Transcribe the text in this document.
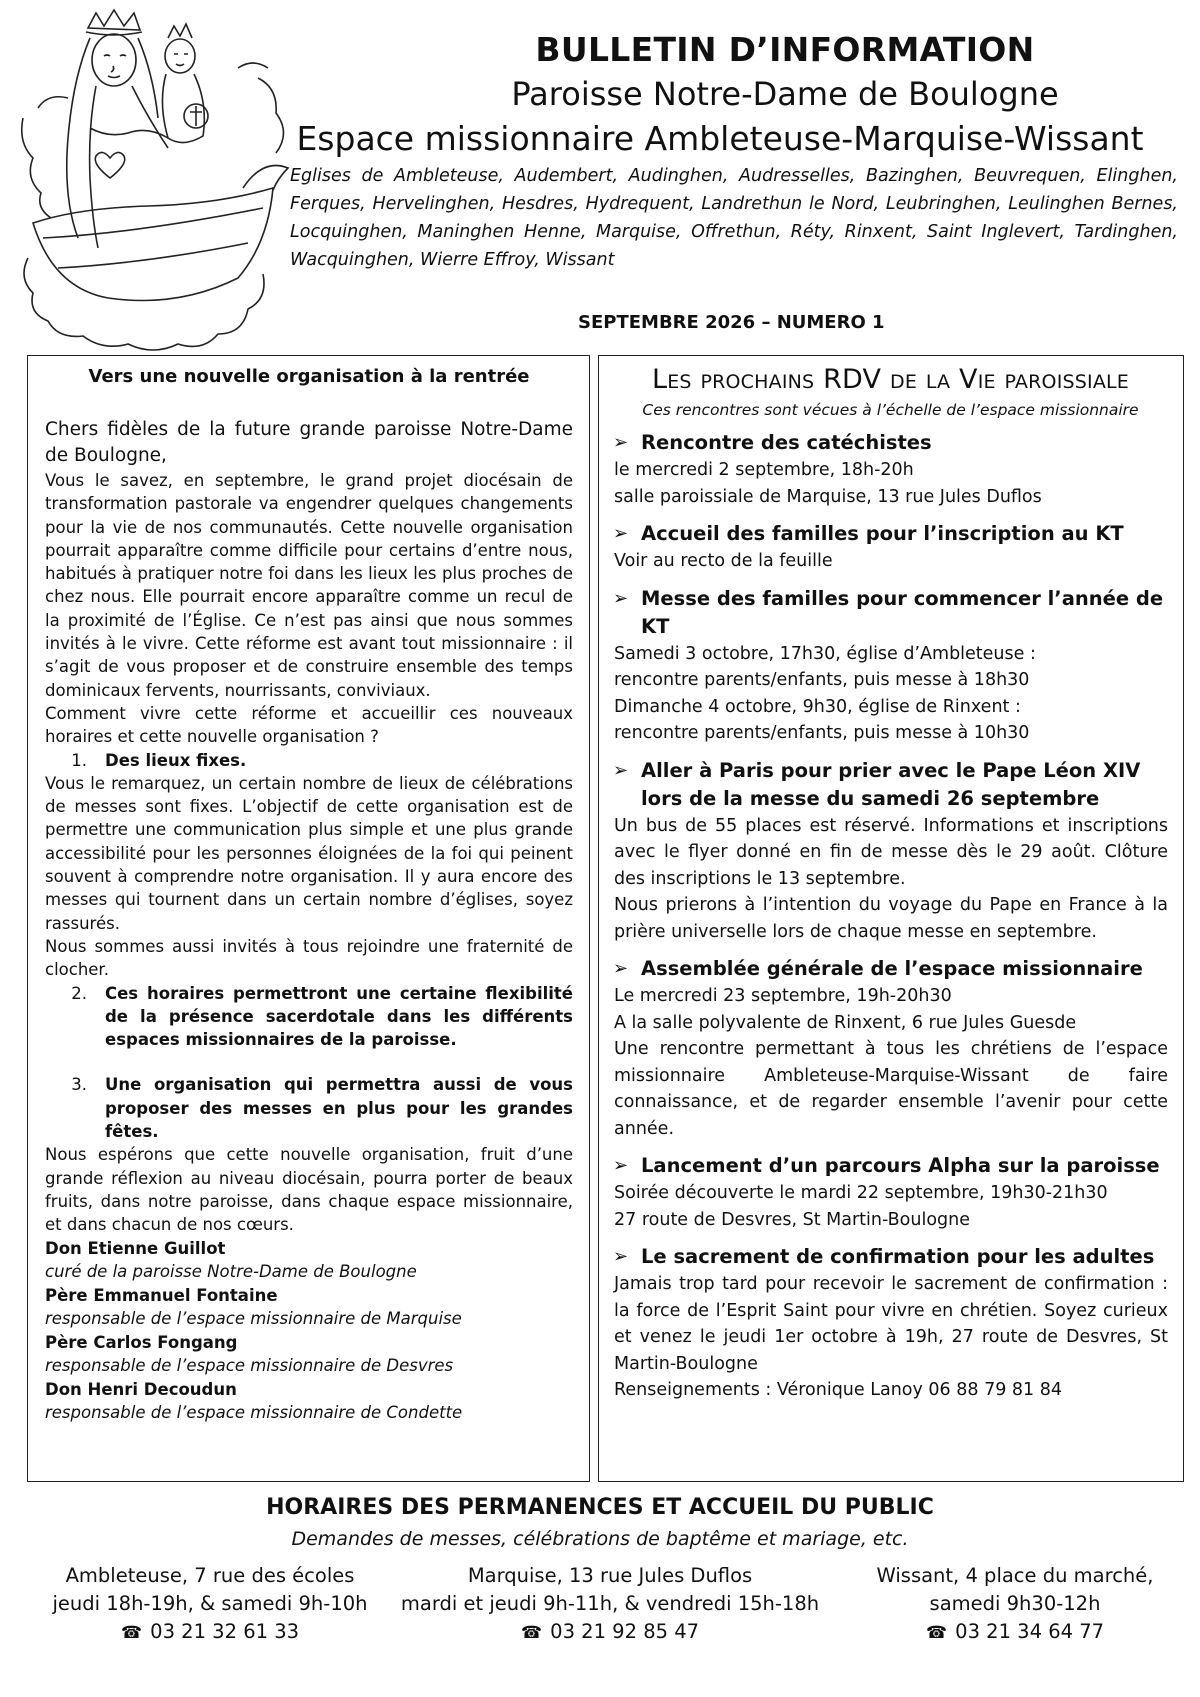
BULLETIN D’INFORMATION
Paroisse Notre-Dame de Boulogne
Espace missionnaire Ambleteuse-Marquise-Wissant
Eglises de Ambleteuse, Audembert, Audinghen, Audresselles, Bazinghen, Beuvrequen, Elinghen, Ferques, Hervelinghen, Hesdres, Hydrequent, Landrethun le Nord, Leubringhen, Leulinghen Bernes, Locquinghen, Maninghen Henne, Marquise, Offrethun, Réty, Rinxent, Saint Inglevert, Tardinghen, Wacquinghen, Wierre Effroy, Wissant
SEPTEMBRE 2026 – NUMERO 1
Vers une nouvelle organisation à la rentrée
Chers fidèles de la future grande paroisse Notre-Dame de Boulogne,

Vous le savez, en septembre, le grand projet diocésain de transformation pastorale va engendrer quelques changements pour la vie de nos communautés. Cette nouvelle organisation pourrait apparaître comme difficile pour certains d’entre nous, habitués à pratiquer notre foi dans les lieux les plus proches de chez nous. Elle pourrait encore apparaître comme un recul de la proximité de l’Église. Ce n’est pas ainsi que nous sommes invités à le vivre. Cette réforme est avant tout missionnaire : il s’agit de vous proposer et de construire ensemble des temps dominicaux fervents, nourrissants, conviviaux.

Comment vivre cette réforme et accueillir ces nouveaux horaires et cette nouvelle organisation ?

1.	Des lieux fixes.

Vous le remarquez, un certain nombre de lieux de célébrations de messes sont fixes. L’objectif de cette organisation est de permettre une communication plus simple et une plus grande accessibilité pour les personnes éloignées de la foi qui peinent souvent à comprendre notre organisation. Il y aura encore des messes qui tournent dans un certain nombre d’églises, soyez rassurés.

Nous sommes aussi invités à tous rejoindre une fraternité de clocher.

2.	Ces horaires permettront une certaine flexibilité de la présence sacerdotale dans les différents espaces missionnaires de la paroisse.
3.	Une organisation qui permettra aussi de vous proposer des messes en plus pour les grandes fêtes.

Nous espérons que cette nouvelle organisation, fruit d’une grande réflexion au niveau diocésain, pourra porter de beaux fruits, dans notre paroisse, dans chaque espace missionnaire, et dans chacun de nos cœurs.

Don Etienne Guillot
curé de la paroisse Notre-Dame de Boulogne
Père Emmanuel Fontaine
responsable de l’espace missionnaire de Marquise
Père Carlos Fongang
responsable de l’espace missionnaire de Desvres
Don Henri Decoudun
responsable de l’espace missionnaire de Condette
Les prochains RDV de la Vie paroissiale
Ces rencontres sont vécues à l’échelle de l’espace missionnaire
➢ Rencontre des catéchistes
le mercredi 2 septembre, 18h-20h
salle paroissiale de Marquise, 13 rue Jules Duflos
➢ Accueil des familles pour l’inscription au KT
Voir au recto de la feuille
➢ Messe des familles pour commencer l’année de KT
Samedi 3 octobre, 17h30, église d’Ambleteuse :
rencontre parents/enfants, puis messe à 18h30
Dimanche 4 octobre, 9h30, église de Rinxent :
rencontre parents/enfants, puis messe à 10h30
➢ Aller à Paris pour prier avec le Pape Léon XIV
lors de la messe du samedi 26 septembre
Un bus de 55 places est réservé. Informations et inscriptions avec le flyer donné en fin de messe dès le 29 août. Clôture des inscriptions le 13 septembre.
Nous prierons à l’intention du voyage du Pape en France à la prière universelle lors de chaque messe en septembre.
➢ Assemblée générale de l’espace missionnaire
Le mercredi 23 septembre, 19h-20h30
A la salle polyvalente de Rinxent, 6 rue Jules Guesde
Une rencontre permettant à tous les chrétiens de l’espace missionnaire Ambleteuse-Marquise-Wissant de faire connaissance, et de regarder ensemble l’avenir pour cette année.
➢ Lancement d’un parcours Alpha sur la paroisse
Soirée découverte le mardi 22 septembre, 19h30-21h30
27 route de Desvres, St Martin-Boulogne
➢ Le sacrement de confirmation pour les adultes
Jamais trop tard pour recevoir le sacrement de confirmation : la force de l’Esprit Saint pour vivre en chrétien. Soyez curieux et venez le jeudi 1er octobre à 19h, 27 route de Desvres, St Martin-Boulogne
Renseignements : Véronique Lanoy 06 88 79 81 84
HORAIRES DES PERMANENCES ET ACCUEIL DU PUBLIC
Demandes de messes, célébrations de baptême et mariage, etc.
Ambleteuse, 7 rue des écoles
jeudi 18h-19h, & samedi 9h-10h
☎ 03 21 32 61 33
Marquise, 13 rue Jules Duflos
mardi et jeudi 9h-11h, & vendredi 15h-18h
☎ 03 21 92 85 47
Wissant, 4 place du marché,
samedi 9h30-12h
☎ 03 21 34 64 77
